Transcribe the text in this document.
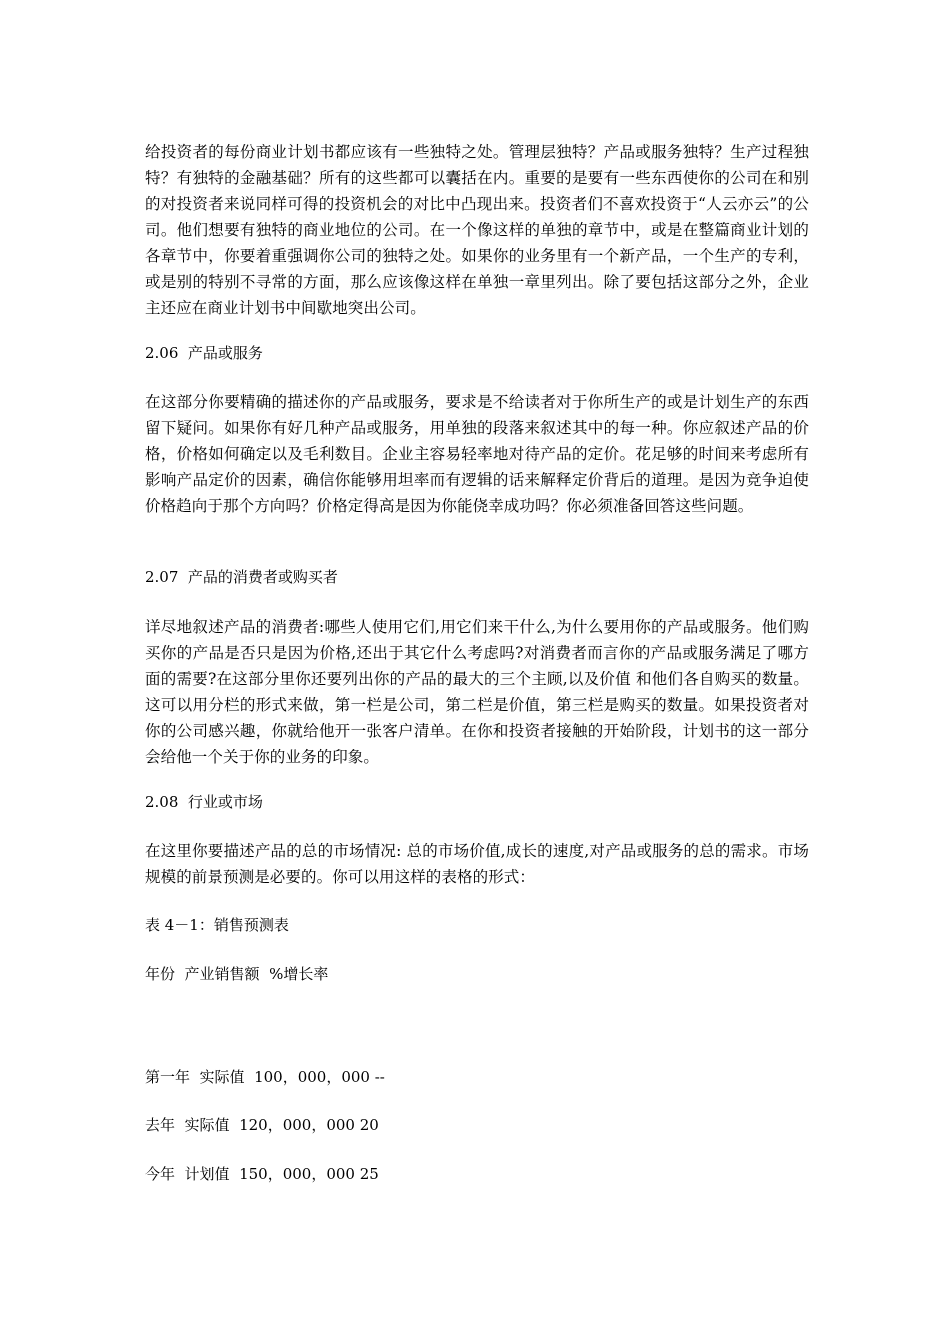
给投资者的每份商业计划书都应该有一些独特之处。管理层独特？产品或服务独特？生产过程独特？有独特的金融基础？所有的这些都可以囊括在内。重要的是要有一些东西使你的公司在和别的对投资者来说同样可得的投资机会的对比中凸现出来。投资者们不喜欢投资于“人云亦云”的公司。他们想要有独特的商业地位的公司。在一个像这样的单独的章节中，或是在整篇商业计划的各章节中，你要着重强调你公司的独特之处。如果你的业务里有一个新产品，一个生产的专利，或是别的特别不寻常的方面，那么应该像这样在单独一章里列出。除了要包括这部分之外，企业主还应在商业计划书中间歇地突出公司。

2.06  产品或服务

在这部分你要精确的描述你的产品或服务，要求是不给读者对于你所生产的或是计划生产的东西留下疑问。如果你有好几种产品或服务，用单独的段落来叙述其中的每一种。你应叙述产品的价格，价格如何确定以及毛利数目。企业主容易轻率地对待产品的定价。花足够的时间来考虑所有影响产品定价的因素，确信你能够用坦率而有逻辑的话来解释定价背后的道理。是因为竞争迫使价格趋向于那个方向吗？价格定得高是因为你能侥幸成功吗？你必须准备回答这些问题。

2.07  产品的消费者或购买者

详尽地叙述产品的消费者:哪些人使用它们,用它们来干什么,为什么要用你的产品或服务。他们购买你的产品是否只是因为价格,还出于其它什么考虑吗?对消费者而言你的产品或服务满足了哪方面的需要?在这部分里你还要列出你的产品的最大的三个主顾,以及价值 和他们各自购买的数量。这可以用分栏的形式来做，第一栏是公司，第二栏是价值，第三栏是购买的数量。如果投资者对你的公司感兴趣，你就给他开一张客户清单。在你和投资者接触的开始阶段，计划书的这一部分会给他一个关于你的业务的印象。

2.08  行业或市场

在这里你要描述产品的总的市场情况: 总的市场价值,成长的速度,对产品或服务的总的需求。市场规模的前景预测是必要的。你可以用这样的表格的形式：

表 4－1：销售预测表

年份  产业销售额  %增长率

第一年  实际值  100，000，000 --

去年  实际值  120，000，000 20

今年  计划值  150，000，000 25
